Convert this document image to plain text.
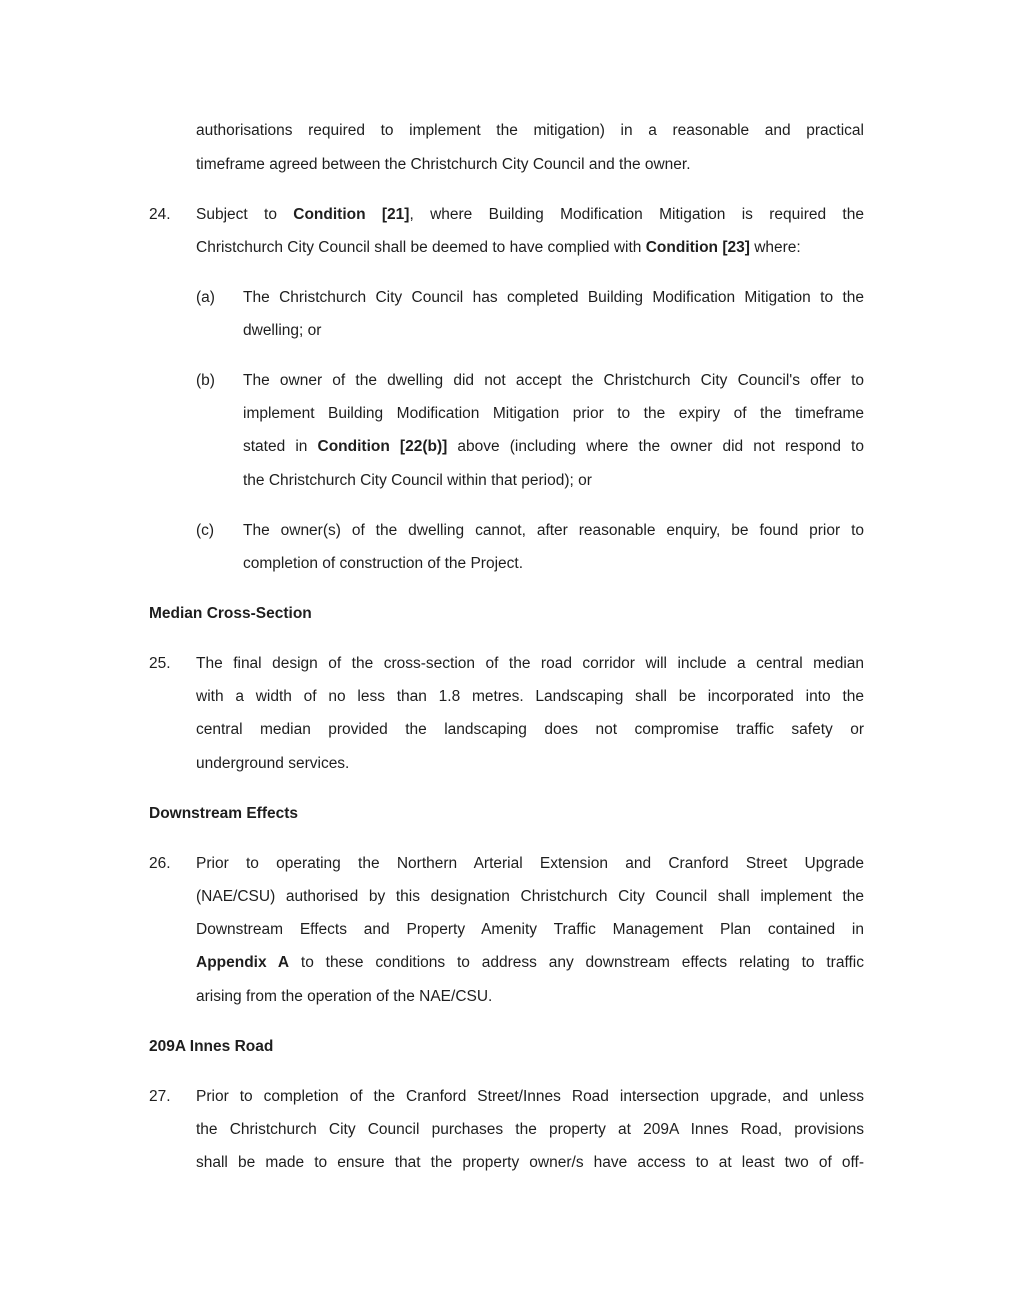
authorisations required to implement the mitigation) in a reasonable and practical
timeframe agreed between the Christchurch City Council and the owner.
24. Subject to Condition [21], where Building Modification Mitigation is required the
Christchurch City Council shall be deemed to have complied with Condition [23] where:
(a) The Christchurch City Council has completed Building Modification Mitigation to the
dwelling; or
(b) The owner of the dwelling did not accept the Christchurch City Council's offer to
implement Building Modification Mitigation prior to the expiry of the timeframe
stated in Condition [22(b)] above (including where the owner did not respond to
the Christchurch City Council within that period); or
(c) The owner(s) of the dwelling cannot, after reasonable enquiry, be found prior to
completion of construction of the Project.
Median Cross-Section
25. The final design of the cross-section of the road corridor will include a central median
with a width of no less than 1.8 metres. Landscaping shall be incorporated into the
central median provided the landscaping does not compromise traffic safety or
underground services.
Downstream Effects
26. Prior to operating the Northern Arterial Extension and Cranford Street Upgrade
(NAE/CSU) authorised by this designation Christchurch City Council shall implement the
Downstream Effects and Property Amenity Traffic Management Plan contained in
Appendix A to these conditions to address any downstream effects relating to traffic
arising from the operation of the NAE/CSU.
209A Innes Road
27. Prior to completion of the Cranford Street/Innes Road intersection upgrade, and unless
the Christchurch City Council purchases the property at 209A Innes Road, provisions
shall be made to ensure that the property owner/s have access to at least two of off-
